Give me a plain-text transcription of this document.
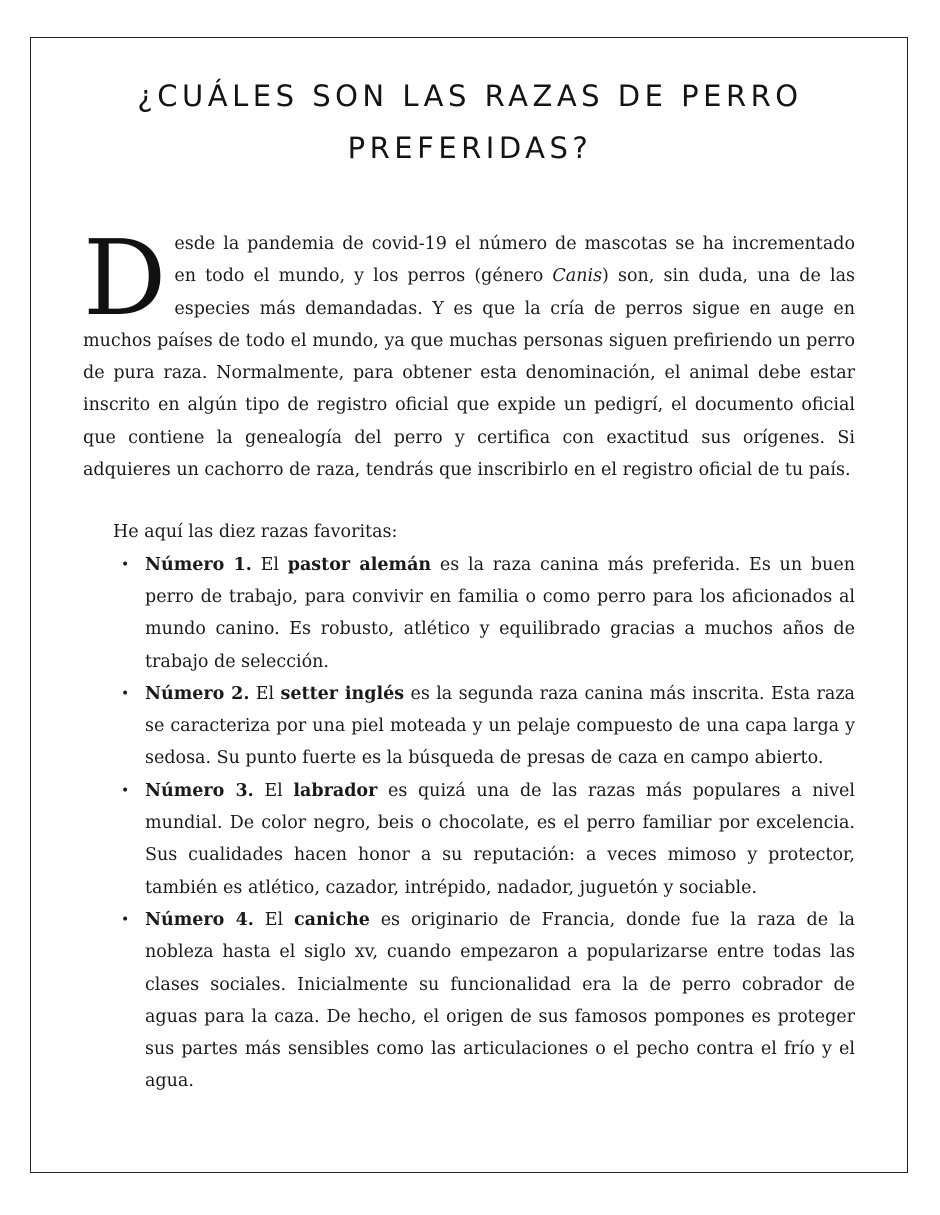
¿CUÁLES SON LAS RAZAS DE PERRO PREFERIDAS?

Desde la pandemia de covid-19 el número de mascotas se ha incrementado en todo el mundo, y los perros (género Canis) son, sin duda, una de las especies más demandadas. Y es que la cría de perros sigue en auge en muchos países de todo el mundo, ya que muchas personas siguen prefiriendo un perro de pura raza. Normalmente, para obtener esta denominación, el animal debe estar inscrito en algún tipo de registro oficial que expide un pedigrí, el documento oficial que contiene la genealogía del perro y certifica con exactitud sus orígenes. Si adquieres un cachorro de raza, tendrás que inscribirlo en el registro oficial de tu país.

He aquí las diez razas favoritas:

• Número 1. El pastor alemán es la raza canina más preferida. Es un buen perro de trabajo, para convivir en familia o como perro para los aficionados al mundo canino. Es robusto, atlético y equilibrado gracias a muchos años de trabajo de selección.
• Número 2. El setter inglés es la segunda raza canina más inscrita. Esta raza se caracteriza por una piel moteada y un pelaje compuesto de una capa larga y sedosa. Su punto fuerte es la búsqueda de presas de caza en campo abierto.
• Número 3. El labrador es quizá una de las razas más populares a nivel mundial. De color negro, beis o chocolate, es el perro familiar por excelencia. Sus cualidades hacen honor a su reputación: a veces mimoso y protector, también es atlético, cazador, intrépido, nadador, juguetón y sociable.
• Número 4. El caniche es originario de Francia, donde fue la raza de la nobleza hasta el siglo xv, cuando empezaron a popularizarse entre todas las clases sociales. Inicialmente su funcionalidad era la de perro cobrador de aguas para la caza. De hecho, el origen de sus famosos pompones es proteger sus partes más sensibles como las articulaciones o el pecho contra el frío y el agua.
